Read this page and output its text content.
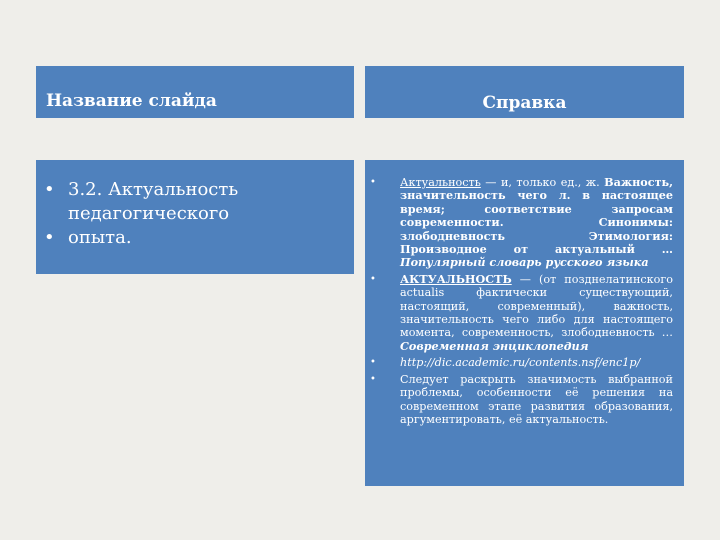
Название слайда	Справка
• 3.2. Актуальность педагогического
• опыта.
• Актуальность — и, только ед., ж. Важность, значительность чего л. в настоящее время; соответствие запросам современности. Синонимы: злободневность Этимология: Производное от актуальный … Популярный словарь русского языка
• АКТУАЛЬНОСТЬ — (от позднелатинского actualis фактически существующий, настоящий, современный), важность, значительность чего либо для настоящего момента, современность, злободневность … Современная энциклопедия
• http://dic.academic.ru/contents.nsf/enc1p/
• Следует раскрыть значимость выбранной проблемы, особенности её решения на современном этапе развития образования, аргументировать, её актуальность.
